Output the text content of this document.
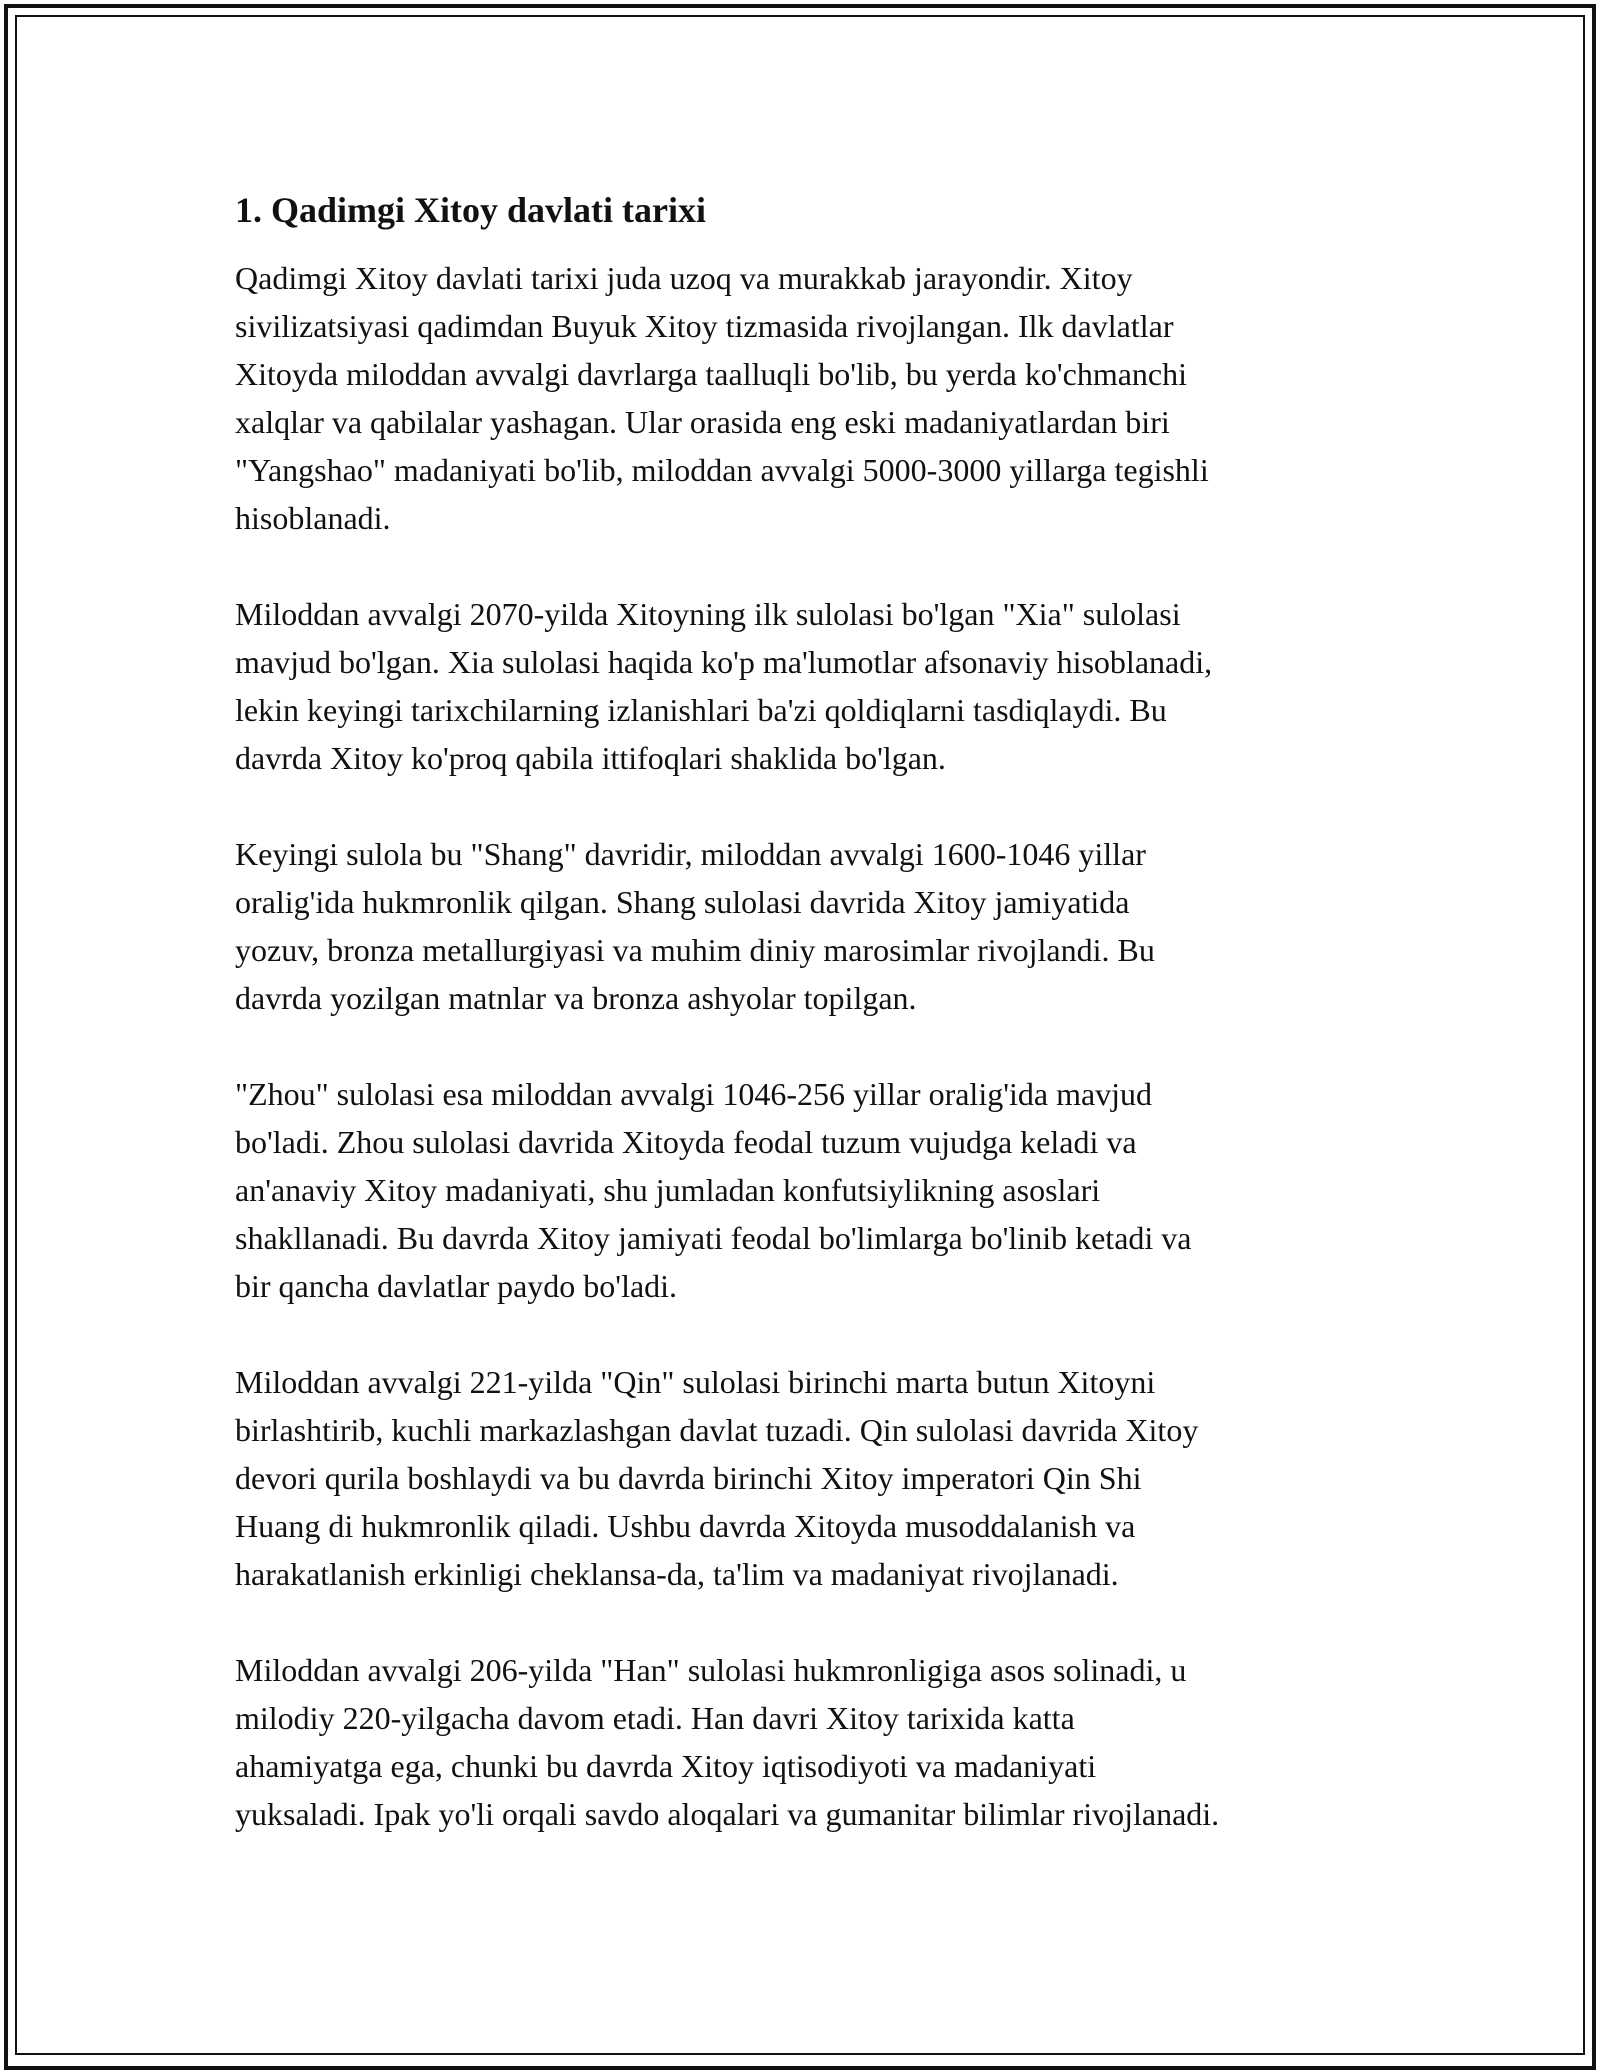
1. Qadimgi Xitoy davlati tarixi

Qadimgi Xitoy davlati tarixi juda uzoq va murakkab jarayondir. Xitoy
sivilizatsiyasi qadimdan Buyuk Xitoy tizmasida rivojlangan. Ilk davlatlar
Xitoyda miloddan avvalgi davrlarga taalluqli bo'lib, bu yerda ko'chmanchi
xalqlar va qabilalar yashagan. Ular orasida eng eski madaniyatlardan biri
"Yangshao" madaniyati bo'lib, miloddan avvalgi 5000-3000 yillarga tegishli
hisoblanadi.

Miloddan avvalgi 2070-yilda Xitoyning ilk sulolasi bo'lgan "Xia" sulolasi
mavjud bo'lgan. Xia sulolasi haqida ko'p ma'lumotlar afsonaviy hisoblanadi,
lekin keyingi tarixchilarning izlanishlari ba'zi qoldiqlarni tasdiqlaydi. Bu
davrda Xitoy ko'proq qabila ittifoqlari shaklida bo'lgan.

Keyingi sulola bu "Shang" davridir, miloddan avvalgi 1600-1046 yillar
oralig'ida hukmronlik qilgan. Shang sulolasi davrida Xitoy jamiyatida
yozuv, bronza metallurgiyasi va muhim diniy marosimlar rivojlandi. Bu
davrda yozilgan matnlar va bronza ashyolar topilgan.

"Zhou" sulolasi esa miloddan avvalgi 1046-256 yillar oralig'ida mavjud
bo'ladi. Zhou sulolasi davrida Xitoyda feodal tuzum vujudga keladi va
an'anaviy Xitoy madaniyati, shu jumladan konfutsiylikning asoslari
shakllanadi. Bu davrda Xitoy jamiyati feodal bo'limlarga bo'linib ketadi va
bir qancha davlatlar paydo bo'ladi.

Miloddan avvalgi 221-yilda "Qin" sulolasi birinchi marta butun Xitoyni
birlashtirib, kuchli markazlashgan davlat tuzadi. Qin sulolasi davrida Xitoy
devori qurila boshlaydi va bu davrda birinchi Xitoy imperatori Qin Shi
Huang di hukmronlik qiladi. Ushbu davrda Xitoyda musoddalanish va
harakatlanish erkinligi cheklansa-da, ta'lim va madaniyat rivojlanadi.

Miloddan avvalgi 206-yilda "Han" sulolasi hukmronligiga asos solinadi, u
milodiy 220-yilgacha davom etadi. Han davri Xitoy tarixida katta
ahamiyatga ega, chunki bu davrda Xitoy iqtisodiyoti va madaniyati
yuksaladi. Ipak yo'li orqali savdo aloqalari va gumanitar bilimlar rivojlanadi.
